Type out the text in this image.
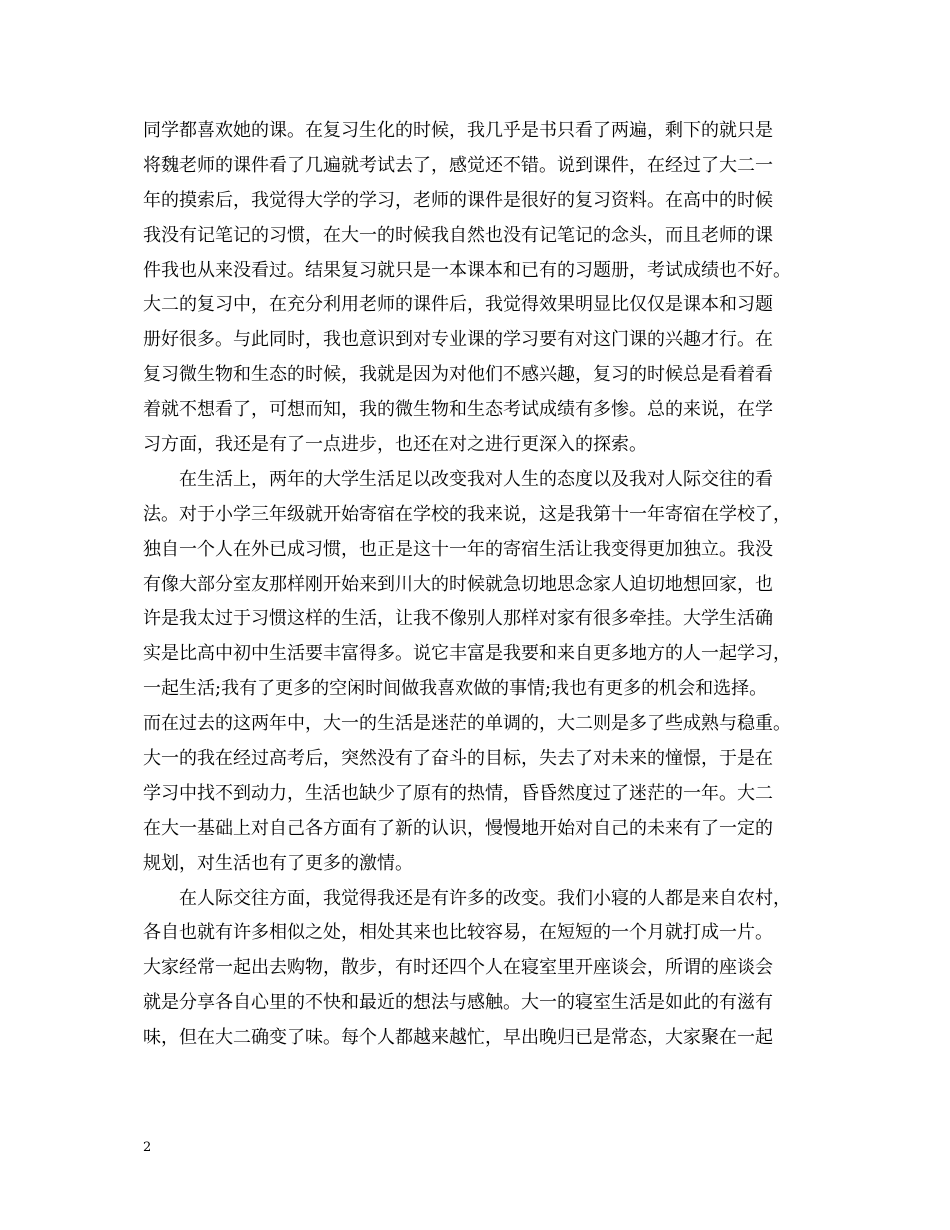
同学都喜欢她的课。在复习生化的时候，我几乎是书只看了两遍，剩下的就只是
将魏老师的课件看了几遍就考试去了，感觉还不错。说到课件，在经过了大二一
年的摸索后，我觉得大学的学习，老师的课件是很好的复习资料。在高中的时候
我没有记笔记的习惯，在大一的时候我自然也没有记笔记的念头，而且老师的课
件我也从来没看过。结果复习就只是一本课本和已有的习题册，考试成绩也不好。
大二的复习中，在充分利用老师的课件后，我觉得效果明显比仅仅是课本和习题
册好很多。与此同时，我也意识到对专业课的学习要有对这门课的兴趣才行。在
复习微生物和生态的时候，我就是因为对他们不感兴趣，复习的时候总是看着看
着就不想看了，可想而知，我的微生物和生态考试成绩有多惨。总的来说，在学
习方面，我还是有了一点进步，也还在对之进行更深入的探索。
　　在生活上，两年的大学生活足以改变我对人生的态度以及我对人际交往的看
法。对于小学三年级就开始寄宿在学校的我来说，这是我第十一年寄宿在学校了，
独自一个人在外已成习惯，也正是这十一年的寄宿生活让我变得更加独立。我没
有像大部分室友那样刚开始来到川大的时候就急切地思念家人迫切地想回家，也
许是我太过于习惯这样的生活，让我不像别人那样对家有很多牵挂。大学生活确
实是比高中初中生活要丰富得多。说它丰富是我要和来自更多地方的人一起学习，
一起生活;我有了更多的空闲时间做我喜欢做的事情;我也有更多的机会和选择。
而在过去的这两年中，大一的生活是迷茫的单调的，大二则是多了些成熟与稳重。
大一的我在经过高考后，突然没有了奋斗的目标，失去了对未来的憧憬，于是在
学习中找不到动力，生活也缺少了原有的热情，昏昏然度过了迷茫的一年。大二
在大一基础上对自己各方面有了新的认识，慢慢地开始对自己的未来有了一定的
规划，对生活也有了更多的激情。
　　在人际交往方面，我觉得我还是有许多的改变。我们小寝的人都是来自农村，
各自也就有许多相似之处，相处其来也比较容易，在短短的一个月就打成一片。
大家经常一起出去购物，散步，有时还四个人在寝室里开座谈会，所谓的座谈会
就是分享各自心里的不快和最近的想法与感触。大一的寝室生活是如此的有滋有
味，但在大二确变了味。每个人都越来越忙，早出晚归已是常态，大家聚在一起
2
